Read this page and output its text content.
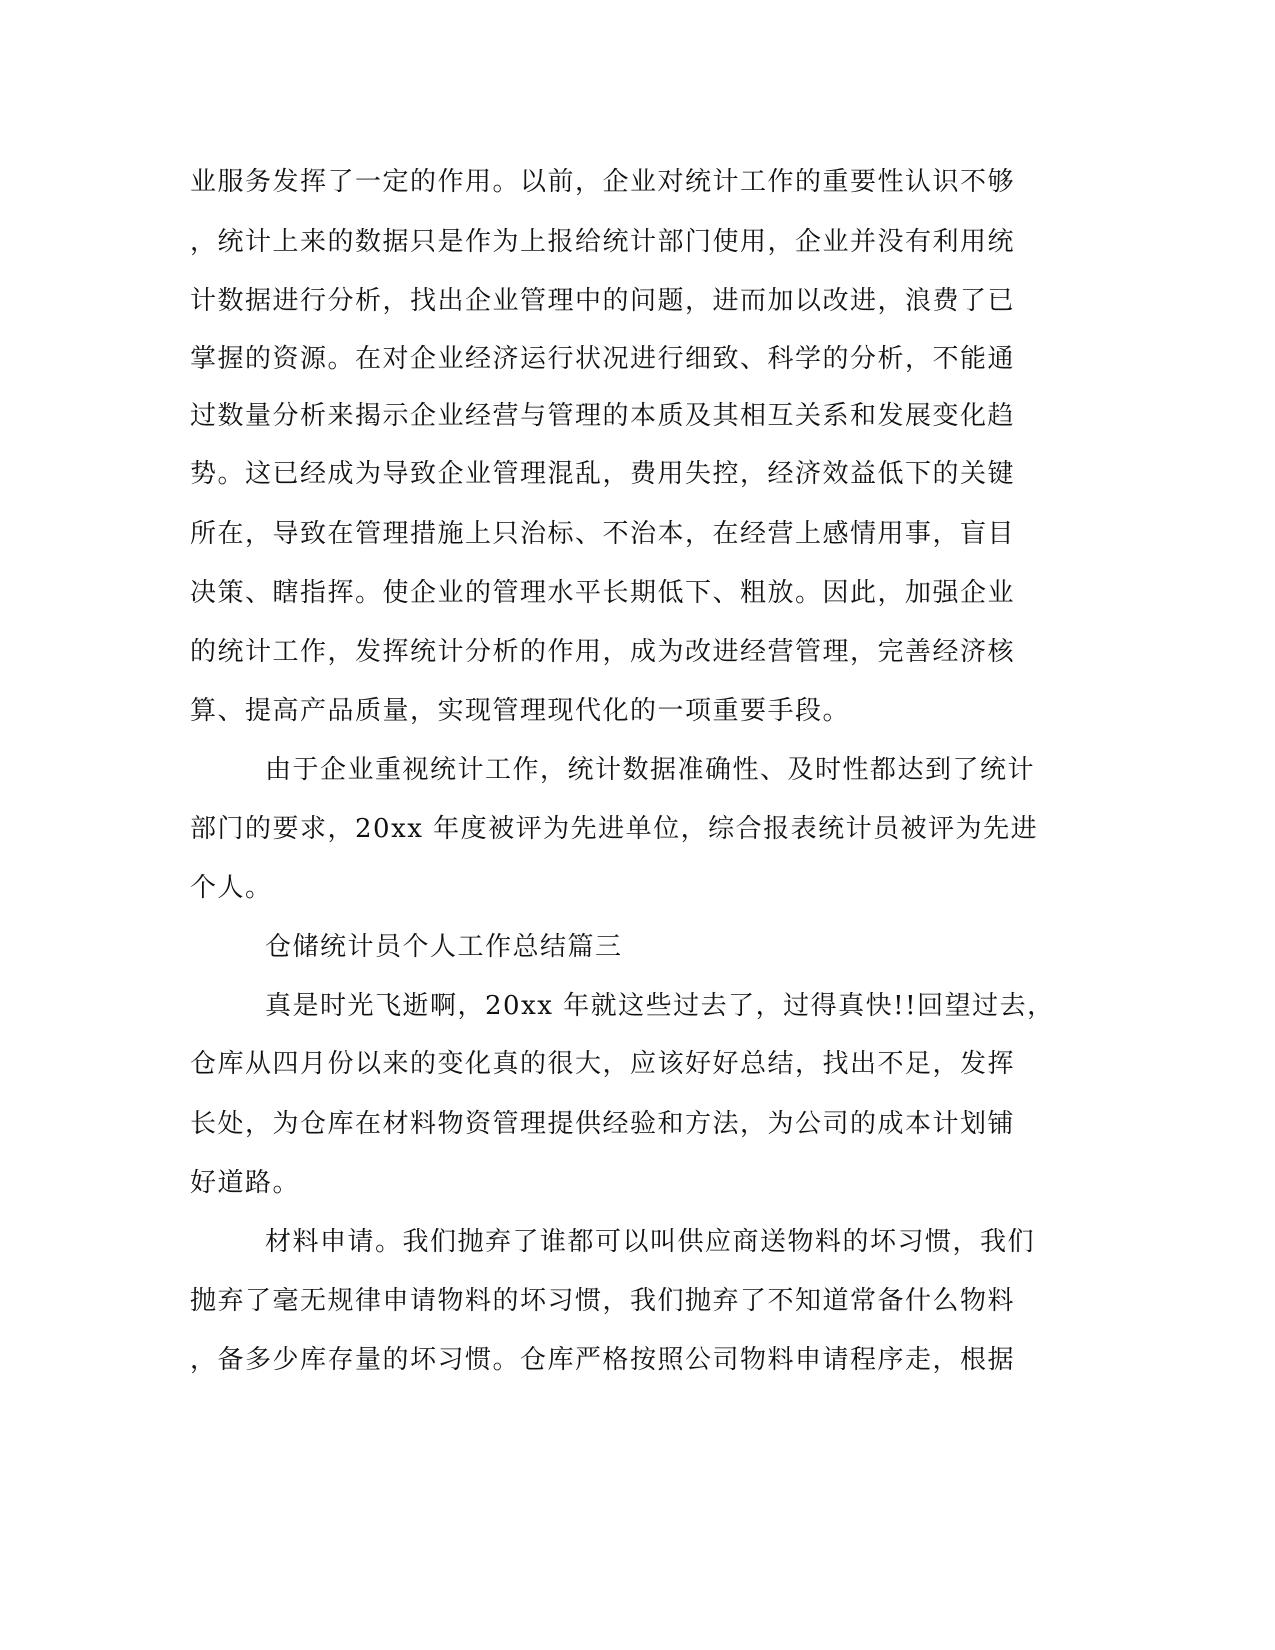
业服务发挥了一定的作用。以前，企业对统计工作的重要性认识不够
，统计上来的数据只是作为上报给统计部门使用，企业并没有利用统
计数据进行分析，找出企业管理中的问题，进而加以改进，浪费了已
掌握的资源。在对企业经济运行状况进行细致、科学的分析，不能通
过数量分析来揭示企业经营与管理的本质及其相互关系和发展变化趋
势。这已经成为导致企业管理混乱，费用失控，经济效益低下的关键
所在，导致在管理措施上只治标、不治本，在经营上感情用事，盲目
决策、瞎指挥。使企业的管理水平长期低下、粗放。因此，加强企业
的统计工作，发挥统计分析的作用，成为改进经营管理，完善经济核
算、提高产品质量，实现管理现代化的一项重要手段。
由于企业重视统计工作，统计数据准确性、及时性都达到了统计
部门的要求，20xx 年度被评为先进单位，综合报表统计员被评为先进
个人。
仓储统计员个人工作总结篇三
真是时光飞逝啊，20xx 年就这些过去了，过得真快!!回望过去，
仓库从四月份以来的变化真的很大，应该好好总结，找出不足，发挥
长处，为仓库在材料物资管理提供经验和方法，为公司的成本计划铺
好道路。
材料申请。我们抛弃了谁都可以叫供应商送物料的坏习惯，我们
抛弃了毫无规律申请物料的坏习惯，我们抛弃了不知道常备什么物料
，备多少库存量的坏习惯。仓库严格按照公司物料申请程序走，根据
